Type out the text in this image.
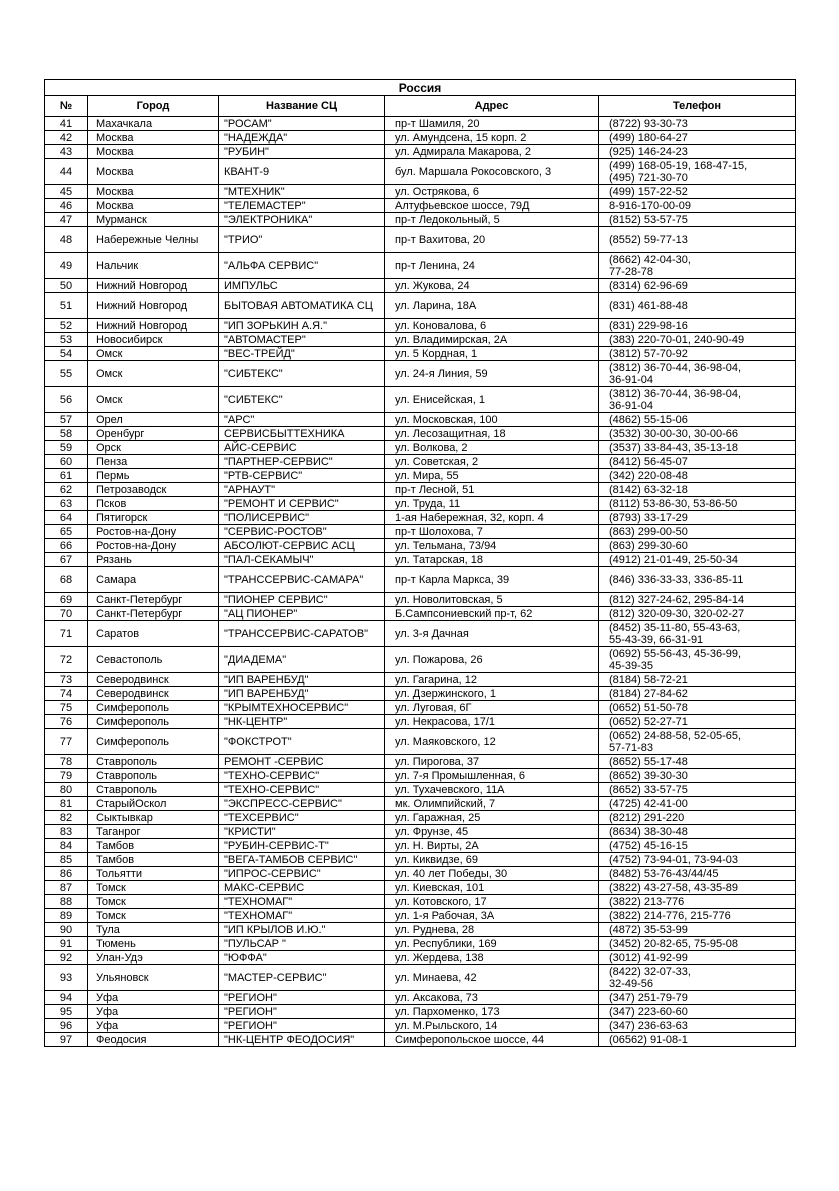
Россия				
№	Город	Название СЦ	Адрес	Телефон
41	Махачкала	"РОСАМ"	пр-т Шамиля, 20	(8722) 93-30-73

42	Москва	"НАДЕЖДА"	ул. Амундсена, 15 корп. 2	(499) 180-64-27

43	Москва	"РУБИН"	ул. Адмирала Макарова, 2	(925) 146-24-23

44	Москва	КВАНТ-9	бул. Маршала Рокосовского, 3	(499) 168-05-19, 168-47-15,
(495) 721-30-70

45	Москва	"МТЕХНИК"	ул. Острякова, 6	(499) 157-22-52

46	Москва	"ТЕЛЕМАСТЕР"	Алтуфьевское шоссе, 79Д	8-916-170-00-09

47	Мурманск	"ЭЛЕКТРОНИКА"	пр-т Ледокольный, 5	(8152) 53-57-75

48	Набережные Челны	"ТРИО"	пр-т Вахитова, 20	(8552) 59-77-13

49	Нальчик	"АЛЬФА СЕРВИС"	пр-т Ленина, 24	(8662) 42-04-30,
77-28-78

50	Нижний Новгород	ИМПУЛЬС	ул. Жукова, 24	(8314) 62-96-69

51	Нижний Новгород	БЫТОВАЯ АВТОМАТИКА СЦ	ул. Ларина, 18А	(831) 461-88-48

52	Нижний Новгород	"ИП ЗОРЬКИН А.Я."	ул. Коновалова, 6	(831) 229-98-16

53	Новосибирск	"АВТОМАСТЕР"	ул. Владимирская, 2А	(383) 220-70-01, 240-90-49

54	Омск	"ВЕС-ТРЕЙД"	ул. 5 Кордная, 1	(3812) 57-70-92

55	Омск	"СИБТЕКС"	ул. 24-я Линия, 59	(3812) 36-70-44, 36-98-04,
36-91-04

56	Омск	"СИБТЕКС"	ул. Енисейская, 1	(3812) 36-70-44, 36-98-04,
36-91-04

57	Орел	"АРС"	ул. Московская, 100	(4862) 55-15-06

58	Оренбург	СЕРВИСБЫТТЕХНИКА	ул. Лесозащитная, 18	(3532) 30-00-30, 30-00-66

59	Орск	АЙС-СЕРВИС	ул. Волкова, 2	(3537) 33-84-43, 35-13-18

60	Пенза	"ПАРТНЕР-СЕРВИС"	ул. Советская, 2	(8412) 56-45-07

61	Пермь	"РТВ-СЕРВИС"	ул. Мира, 55	(342) 220-08-48

62	Петрозаводск	"АРНАУТ"	пр-т Лесной, 51	(8142) 63-32-18

63	Псков	"РЕМОНТ И СЕРВИС"	ул. Труда, 11	(8112) 53-86-30, 53-86-50

64	Пятигорск	"ПОЛИСЕРВИС"	1-ая Набережная, 32, корп. 4	(8793) 33-17-29

65	Ростов-на-Дону	"СЕРВИС-РОСТОВ"	пр-т Шолохова, 7	(863) 299-00-50

66	Ростов-на-Дону	АБСОЛЮТ-СЕРВИС АСЦ	ул. Тельмана, 73/94	(863) 299-30-60

67	Рязань	"ПАЛ-СЕКАМЫЧ"	ул. Татарская, 18	(4912) 21-01-49, 25-50-34

68	Самара	"ТРАНССЕРВИС-САМАРА"	пр-т Карла Маркса, 39	(846) 336-33-33, 336-85-11

69	Санкт-Петербург	"ПИОНЕР СЕРВИС"	ул. Новолитовская, 5	(812) 327-24-62, 295-84-14

70	Санкт-Петербург	"АЦ ПИОНЕР"	Б.Сампсониевский пр-т, 62	(812) 320-09-30, 320-02-27

71	Саратов	"ТРАНССЕРВИС-САРАТОВ"	ул. 3-я Дачная	(8452) 35-11-80, 55-43-63,
55-43-39, 66-31-91

72	Севастополь	"ДИАДЕМА"	ул. Пожарова, 26	(0692) 55-56-43, 45-36-99,
45-39-35

73	Северодвинск	"ИП ВАРЕНБУД"	ул. Гагарина, 12	(8184) 58-72-21

74	Северодвинск	"ИП ВАРЕНБУД"	ул. Дзержинского, 1	(8184) 27-84-62

75	Симферополь	"КРЫМТЕХНОСЕРВИС"	ул. Луговая, 6Г	(0652) 51-50-78

76	Симферополь	"НК-ЦЕНТР"	ул. Некрасова, 17/1	(0652) 52-27-71

77	Симферополь	"ФОКСТРОТ"	ул. Маяковского, 12	(0652) 24-88-58, 52-05-65,
57-71-83

78	Ставрополь	РЕМОНТ -СЕРВИС	ул. Пирогова, 37	(8652) 55-17-48

79	Ставрополь	"ТЕХНО-СЕРВИС"	ул. 7-я Промышленная, 6	(8652) 39-30-30

80	Ставрополь	"ТЕХНО-СЕРВИС"	ул. Тухачевского, 11А	(8652) 33-57-75

81	СтарыйОскол	"ЭКСПРЕСС-СЕРВИС"	мк. Олимпийский, 7	(4725) 42-41-00

82	Сыктывкар	"ТЕХСЕРВИС"	ул. Гаражная, 25	(8212) 291-220

83	Таганрог	"КРИСТИ"	ул. Фрунзе, 45	(8634) 38-30-48

84	Тамбов	"РУБИН-СЕРВИС-Т"	ул. Н. Вирты, 2А	(4752) 45-16-15

85	Тамбов	"ВЕГА-ТАМБОВ СЕРВИС"	ул. Киквидзе, 69	(4752) 73-94-01, 73-94-03

86	Тольятти	"ИПРОС-СЕРВИС"	ул. 40 лет Победы, 30	(8482) 53-76-43/44/45

87	Томск	МАКС-СЕРВИС	ул. Киевская, 101	(3822) 43-27-58, 43-35-89

88	Томск	"ТЕХНОМАГ"	ул. Котовского, 17	(3822) 213-776

89	Томск	"ТЕХНОМАГ"	ул. 1-я Рабочая, 3А	(3822) 214-776, 215-776

90	Тула	"ИП КРЫЛОВ И.Ю."	ул. Руднева, 28	(4872) 35-53-99

91	Тюмень	"ПУЛЬСАР "	ул. Республики, 169	(3452) 20-82-65, 75-95-08

92	Улан-Удэ	"ЮФФА"	ул. Жердева, 138	(3012) 41-92-99

93	Ульяновск	"МАСТЕР-СЕРВИС"	ул. Минаева, 42	(8422) 32-07-33,
32-49-56

94	Уфа	"РЕГИОН"	ул. Аксакова, 73	(347) 251-79-79

95	Уфа	"РЕГИОН"	ул. Пархоменко, 173	(347) 223-60-60

96	Уфа	"РЕГИОН"	ул. М.Рыльского, 14	(347) 236-63-63

97	Феодосия	"НК-ЦЕНТР ФЕОДОСИЯ"	Симферопольское шоссе, 44	(06562) 91-08-1
